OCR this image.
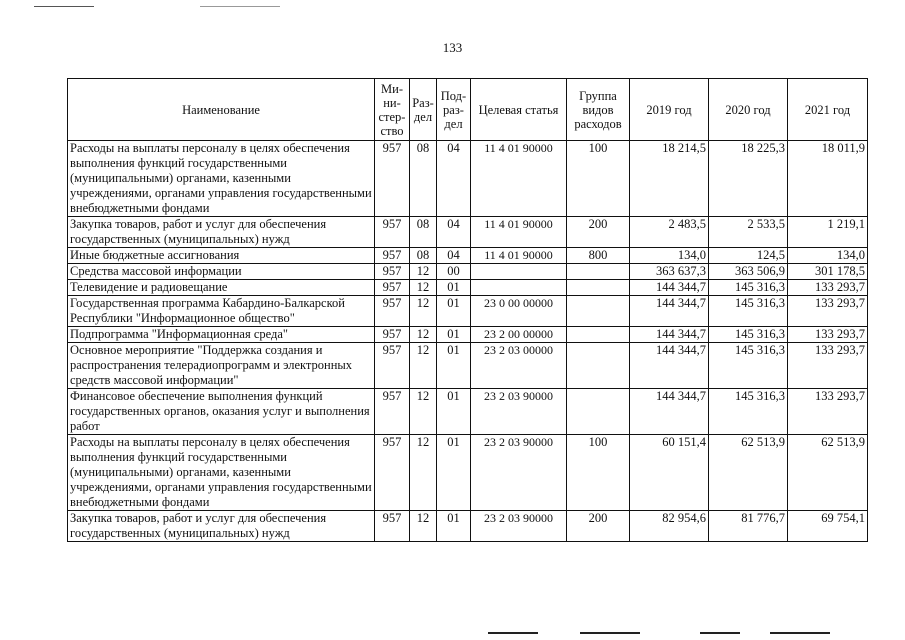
133
Наименование	Ми-ни-стер-ство	Раз-дел	Под-раз-дел	Целевая статья	Группа видов расходов	2019 год	2020 год	2021 год
Расходы на выплаты персоналу в целях обеспечения выполнения функций государственными (муниципальными) органами, казенными учреждениями, органами управления государственными внебюджетными фондами	957	08	04	11 4 01 90000	100	18 214,5	18 225,3	18 011,9
Закупка товаров, работ и услуг для обеспечения государственных (муниципальных) нужд	957	08	04	11 4 01 90000	200	2 483,5	2 533,5	1 219,1
Иные бюджетные ассигнования	957	08	04	11 4 01 90000	800	134,0	124,5	134,0
Средства массовой информации	957	12	00			363 637,3	363 506,9	301 178,5
Телевидение и радиовещание	957	12	01			144 344,7	145 316,3	133 293,7
Государственная программа Кабардино-Балкарской Республики "Информационное общество"	957	12	01	23 0 00 00000		144 344,7	145 316,3	133 293,7
Подпрограмма "Информационная среда"	957	12	01	23 2 00 00000		144 344,7	145 316,3	133 293,7
Основное мероприятие "Поддержка создания и распространения телерадиопрограмм и электронных средств массовой информации"	957	12	01	23 2 03 00000		144 344,7	145 316,3	133 293,7
Финансовое обеспечение выполнения функций государственных органов, оказания услуг и выполнения работ	957	12	01	23 2 03 90000		144 344,7	145 316,3	133 293,7
Расходы на выплаты персоналу в целях обеспечения выполнения функций государственными (муниципальными) органами, казенными учреждениями, органами управления государственными внебюджетными фондами	957	12	01	23 2 03 90000	100	60 151,4	62 513,9	62 513,9
Закупка товаров, работ и услуг для обеспечения государственных (муниципальных) нужд	957	12	01	23 2 03 90000	200	82 954,6	81 776,7	69 754,1
